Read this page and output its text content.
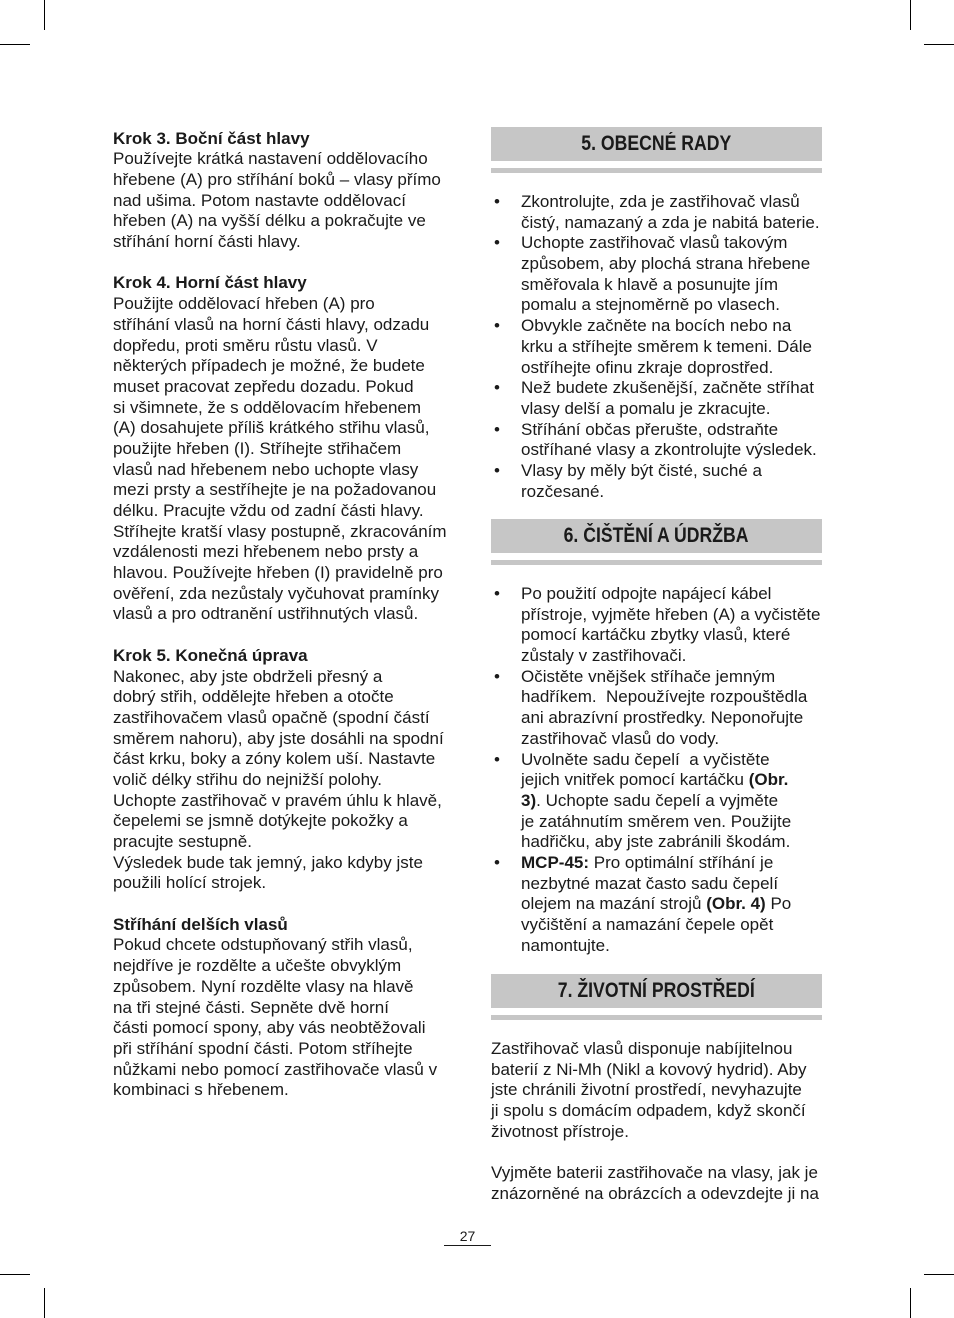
Krok 3. Boční část hlavy
Používejte krátká nastavení oddělovacího
hřebene (A) pro stříhání boků – vlasy přímo
nad ušima. Potom nastavte oddělovací
hřeben (A) na vyšší délku a pokračujte ve
stříhání horní části hlavy.
Krok 4. Horní část hlavy
Použijte oddělovací hřeben (A) pro
stříhání vlasů na horní části hlavy, odzadu
dopředu, proti směru růstu vlasů. V
některých případech je možné, že budete
muset pracovat zepředu dozadu. Pokud
si všimnete, že s oddělovacím hřebenem
(A) dosahujete příliš krátkého střihu vlasů,
použijte hřeben (I). Stříhejte střihačem
vlasů nad hřebenem nebo uchopte vlasy
mezi prsty a sestříhejte je na požadovanou
délku. Pracujte vždu od zadní části hlavy.
Stříhejte kratší vlasy postupně, zkracováním
vzdálenosti mezi hřebenem nebo prsty a
hlavou. Používejte hřeben (I) pravidelně pro
ověření, zda nezůstaly vyčuhovat pramínky
vlasů a pro odtranění ustřihnutých vlasů.
Krok 5. Konečná úprava
Nakonec, aby jste obdrželi přesný a
dobrý střih, oddělejte hřeben a otočte
zastřihovačem vlasů opačně (spodní částí
směrem nahoru), aby jste dosáhli na spodní
část krku, boky a zóny kolem uší. Nastavte
volič délky střihu do nejnižší polohy.
Uchopte zastřihovač v pravém úhlu k hlavě,
čepelemi se jsmně dotýkejte pokožky a
pracujte sestupně.
Výsledek bude tak jemný, jako kdyby jste
použili holící strojek.
Stříhání delších vlasů
Pokud chcete odstupňovaný střih vlasů,
nejdříve je rozdělte a učešte obvyklým
způsobem. Nyní rozdělte vlasy na hlavě
na tři stejné části. Sepněte dvě horní
části pomocí spony, aby vás neobtěžovali
při stříhání spodní části. Potom stříhejte
nůžkami nebo pomocí zastřihovače vlasů v
kombinaci s hřebenem.
5. OBECNÉ RADY
• Zkontrolujte, zda je zastřihovač vlasů
čistý, namazaný a zda je nabitá baterie.
• Uchopte zastřihovač vlasů takovým
způsobem, aby plochá strana hřebene
směřovala k hlavě a posunujte jím
pomalu a stejnoměrně po vlasech.
• Obvykle začněte na bocích nebo na
krku a stříhejte směrem k temeni. Dále
ostříhejte ofinu zkraje doprostřed.
• Než budete zkušenější, začněte stříhat
vlasy delší a pomalu je zkracujte.
• Stříhání občas přerušte, odstraňte
ostříhané vlasy a zkontrolujte výsledek.
• Vlasy by měly být čisté, suché a
rozčesané.
6. ČIŠTĚNÍ A ÚDRŽBA
• Po použití odpojte napájecí kábel
přístroje, vyjměte hřeben (A) a vyčistěte
pomocí kartáčku zbytky vlasů, které
zůstaly v zastřihovači.
• Očistěte vnějšek stříhače jemným
hadříkem.  Nepoužívejte rozpouštědla
ani abrazívní prostředky. Neponořujte
zastřihovač vlasů do vody.
• Uvolněte sadu čepelí  a vyčistěte
jejich vnitřek pomocí kartáčku (Obr.
3). Uchopte sadu čepelí a vyjměte
je zatáhnutím směrem ven. Použijte
hadřičku, aby jste zabránili škodám.
• MCP-45: Pro optimální stříhání je
nezbytné mazat často sadu čepelí
olejem na mazání strojů (Obr. 4) Po
vyčištění a namazání čepele opět
namontujte.
7. ŽIVOTNÍ PROSTŘEDÍ
Zastřihovač vlasů disponuje nabíjitelnou
baterií z Ni-Mh (Nikl a kovový hydrid). Aby
jste chránili životní prostředí, nevyhazujte
ji spolu s domácím odpadem, když skončí
životnost přístroje.
Vyjměte baterii zastřihovače na vlasy, jak je
znázorněné na obrázcích a odevzdejte ji na
27
